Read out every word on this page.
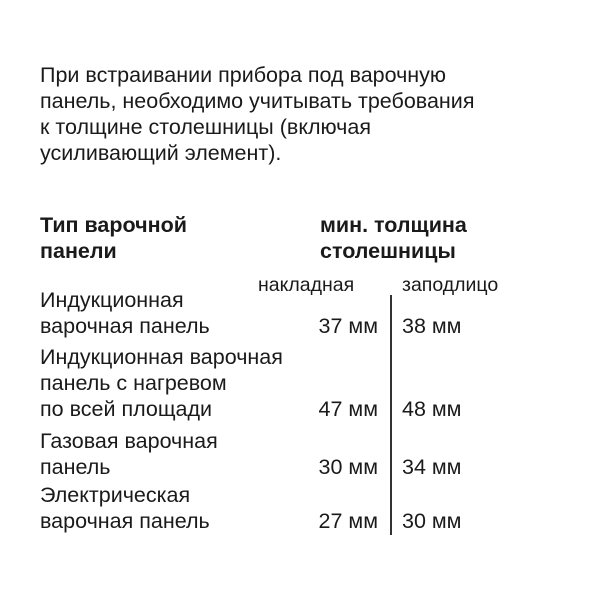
При встраивании прибора под варочную
панель, необходимо учитывать требования
к толщине столешницы (включая
усиливающий элемент).

Тип варочной
панели
мин. толщина
столешницы
накладная заподлицо
Индукционная
варочная панель	37 мм 38 мм
Индукционная варочная
панель с нагревом
по всей площади	47 мм 48 мм
Газовая варочная
панель	30 мм 34 мм
Электрическая
варочная панель	27 мм 30 мм
